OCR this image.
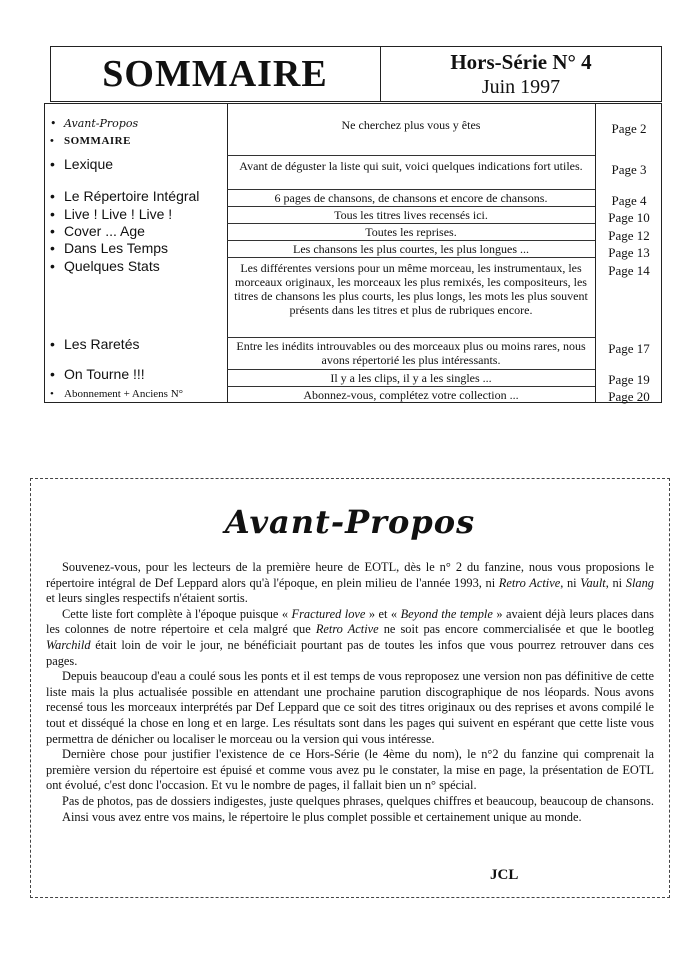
SOMMAIRE	Hors-Série N° 4
Juin 1997
• Avant-Propos
• SOMMAIRE
• Lexique
• Le Répertoire Intégral
• Live ! Live ! Live !
• Cover ... Age
• Dans Les Temps
• Quelques Stats
• Les Raretés
• On Tourne !!!
• Abonnement + Anciens N°
Ne cherchez plus vous y êtes
Avant de déguster la liste qui suit, voici quelques indications fort utiles.
6 pages de chansons, de chansons et encore de chansons.
Tous les titres lives recensés ici.
Toutes les reprises.
Les chansons les plus courtes, les plus longues ...
Les différentes versions pour un même morceau, les instrumentaux, les morceaux originaux, les morceaux les plus remixés, les compositeurs, les titres de chansons les plus courts, les plus longs, les mots les plus souvent présents dans les titres et plus de rubriques encore.
Entre les inédits introuvables ou des morceaux plus ou moins rares, nous avons répertorié les plus intéressants.
Il y a les clips, il y a les singles ...
Abonnez-vous, complétez votre collection ...
Page 2
Page 3
Page 4
Page 10
Page 12
Page 13
Page 14
Page 17
Page 19
Page 20
Avant-Propos

Souvenez-vous, pour les lecteurs de la première heure de EOTL, dès le n° 2 du fanzine, nous vous proposions le répertoire intégral de Def Leppard alors qu'à l'époque, en plein milieu de l'année 1993, ni Retro Active, ni Vault, ni Slang et leurs singles respectifs n'étaient sortis.

Cette liste fort complète à l'époque puisque « Fractured love » et « Beyond the temple » avaient déjà leurs places dans les colonnes de notre répertoire et cela malgré que Retro Active ne soit pas encore commercialisée et que le bootleg Warchild était loin de voir le jour, ne bénéficiait pourtant pas de toutes les infos que vous pourrez retrouver dans ces pages.

Depuis beaucoup d'eau a coulé sous les ponts et il est temps de vous reproposez une version non pas définitive de cette liste mais la plus actualisée possible en attendant une prochaine parution discographique de nos léopards. Nous avons recensé tous les morceaux interprétés par Def Leppard que ce soit des titres originaux ou des reprises et avons compilé le tout et disséqué la chose en long et en large. Les résultats sont dans les pages qui suivent en espérant que cette liste vous permettra de dénicher ou localiser le morceau ou la version qui vous intéresse.

Dernière chose pour justifier l'existence de ce Hors-Série (le 4ème du nom), le n°2 du fanzine qui comprenait la première version du répertoire est épuisé et comme vous avez pu le constater, la mise en page, la présentation de EOTL ont évolué, c'est donc l'occasion. Et vu le nombre de pages, il fallait bien un n° spécial.

Pas de photos, pas de dossiers indigestes, juste quelques phrases, quelques chiffres et beaucoup, beaucoup de chansons.

Ainsi vous avez entre vos mains, le répertoire le plus complet possible et certainement unique au monde.

JCL
